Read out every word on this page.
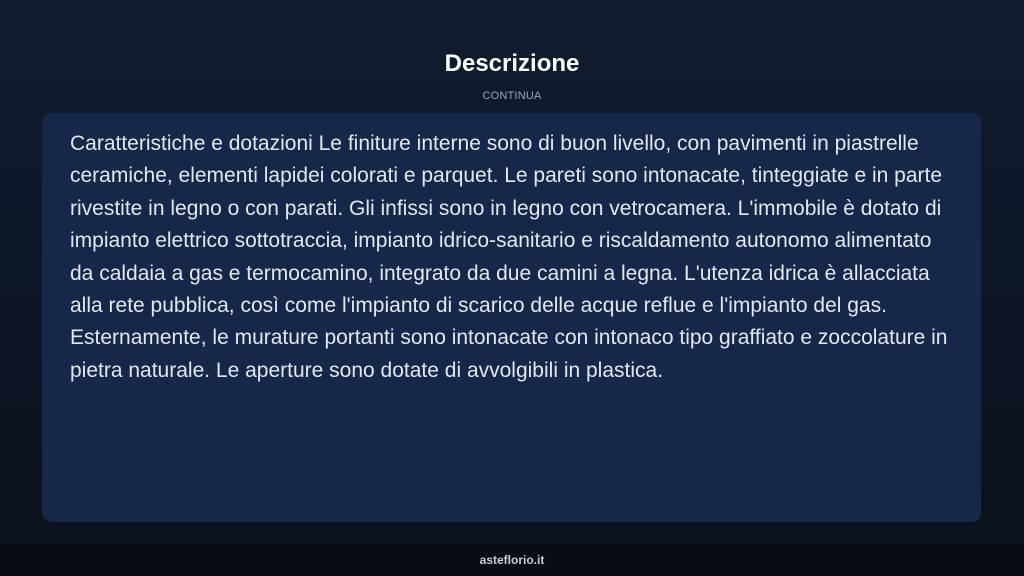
Descrizione
CONTINUA

Caratteristiche e dotazioni Le finiture interne sono di buon livello, con pavimenti in piastrelle ceramiche, elementi lapidei colorati e parquet. Le pareti sono intonacate, tinteggiate e in parte rivestite in legno o con parati. Gli infissi sono in legno con vetrocamera. L'immobile è dotato di impianto elettrico sottotraccia, impianto idrico-sanitario e riscaldamento autonomo alimentato da caldaia a gas e termocamino, integrato da due camini a legna. L'utenza idrica è allacciata alla rete pubblica, così come l'impianto di scarico delle acque reflue e l'impianto del gas. Esternamente, le murature portanti sono intonacate con intonaco tipo graffiato e zoccolature in pietra naturale. Le aperture sono dotate di avvolgibili in plastica.

asteflorio.it
